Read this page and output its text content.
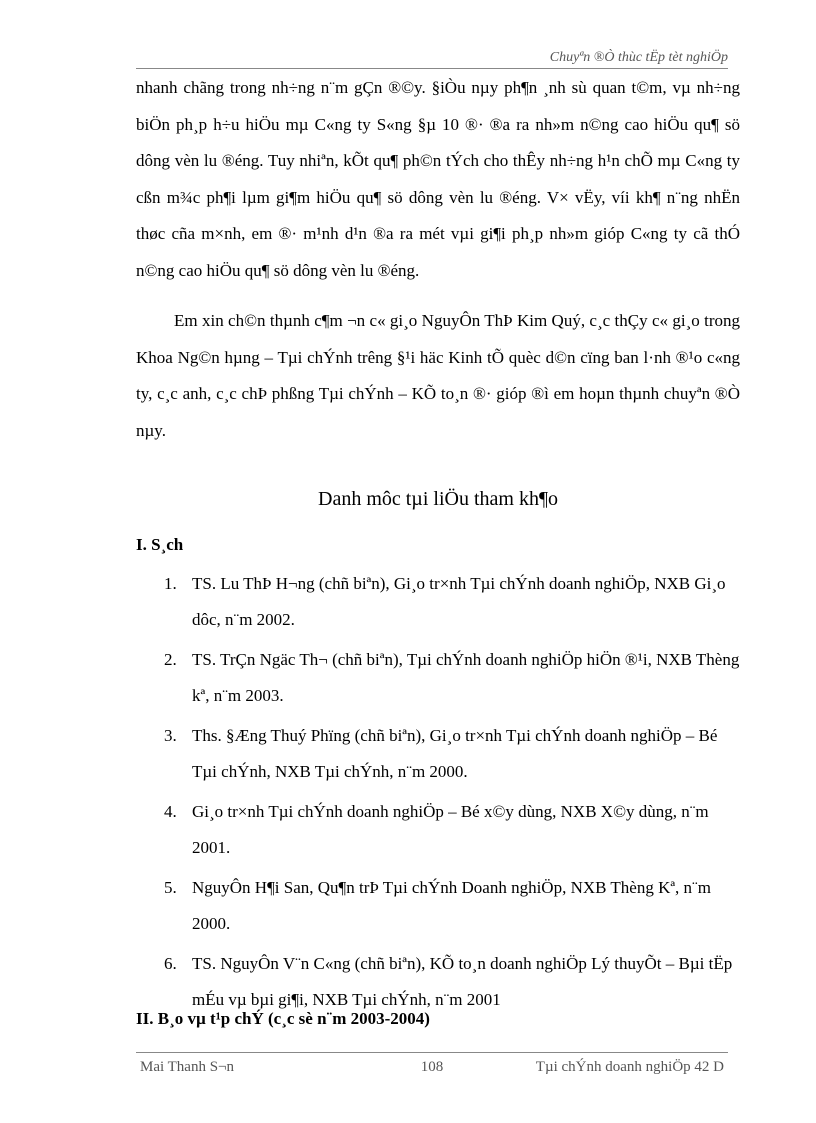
Chuyªn ®Ò thùc tËp tèt nghiÖp
nhanh chãng trong nh÷ng n¨m gÇn ®©y. §iÒu nµy ph¶n ¸nh sù quan t©m, vµ nh÷ng biÖn ph¸p h÷u hiÖu mµ C«ng ty S«ng §µ 10 ®· ®a ra nh»m n©ng cao hiÖu qu¶ sö dông vèn lu ®éng. Tuy nhiªn, kÕt qu¶ ph©n tÝch cho thÊy nh÷ng h¹n chÕ mµ C«ng ty cßn m¾c ph¶i lµm gi¶m hiÖu qu¶ sö dông vèn lu ®éng. V× vËy, víi kh¶ n¨ng nhËn thøc cña m×nh, em ®· m¹nh d¹n ®a ra mét vµi gi¶i ph¸p nh»m gióp C«ng ty cã thÓ n©ng cao hiÖu qu¶ sö dông vèn lu ®éng.
Em xin ch©n thµnh c¶m ¬n c« gi¸o NguyÔn ThÞ Kim Quý, c¸c thÇy c« gi¸o trong Khoa Ng©n hµng – Tµi chÝnh trêng §¹i häc Kinh tÕ quèc d©n cïng ban l·nh ®¹o c«ng ty, c¸c anh, c¸c chÞ phßng Tµi chÝnh – KÕ to¸n ®· gióp ®ì em hoµn thµnh chuyªn ®Ò nµy.
Danh môc tµi liÖu tham kh¶o
I. S¸ch
1. TS. Lu ThÞ H¬ng (chñ biªn), Gi¸o tr×nh Tµi chÝnh doanh nghiÖp, NXB Gi¸o dôc, n¨m 2002.
2. TS. TrÇn Ngäc Th¬ (chñ biªn), Tµi chÝnh doanh nghiÖp hiÖn ®¹i, NXB Thèng kª, n¨m 2003.
3. Ths. §Æng Thuý Phïng (chñ biªn), Gi¸o tr×nh Tµi chÝnh doanh nghiÖp – Bé Tµi chÝnh, NXB Tµi chÝnh, n¨m 2000.
4. Gi¸o tr×nh Tµi chÝnh doanh nghiÖp – Bé x©y dùng, NXB X©y dùng, n¨m 2001.
5. NguyÔn H¶i San, Qu¶n trÞ Tµi chÝnh Doanh nghiÖp, NXB Thèng Kª, n¨m 2000.
6. TS. NguyÔn V¨n C«ng (chñ biªn), KÕ to¸n doanh nghiÖp Lý thuyÕt – Bµi tËp mÉu vµ bµi gi¶i, NXB Tµi chÝnh, n¨m 2001
II. B¸o vµ t¹p chÝ (c¸c sè n¨m 2003-2004)
Mai Thanh S¬n	108	Tµi chÝnh doanh nghiÖp 42 D
